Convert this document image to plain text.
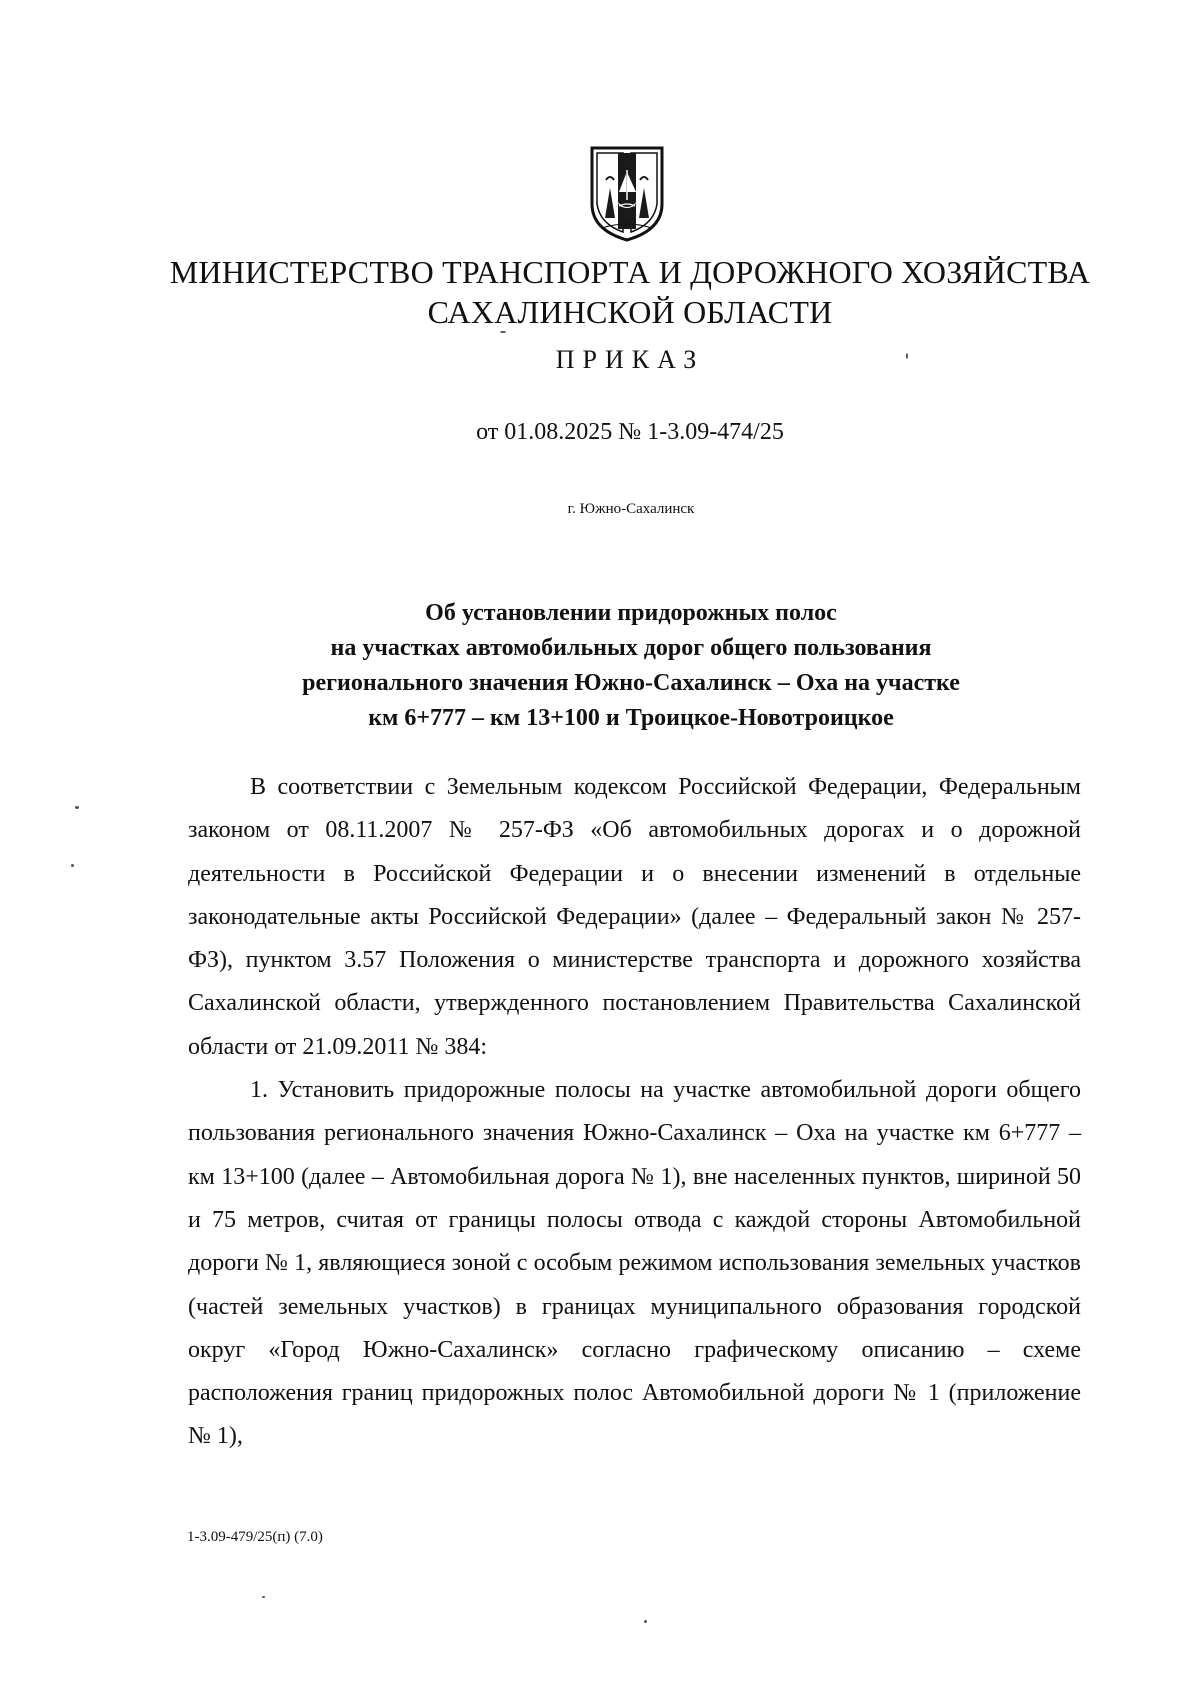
МИНИСТЕРСТВО ТРАНСПОРТА И ДОРОЖНОГО ХОЗЯЙСТВА
САХАЛИНСКОЙ ОБЛАСТИ
ПРИКАЗ
от 01.08.2025 № 1-3.09-474/25
г. Южно-Сахалинск
Об установлении придорожных полос
на участках автомобильных дорог общего пользования
регионального значения Южно-Сахалинск – Оха на участке
км 6+777 – км 13+100 и Троицкое-Новотроицкое

В соответствии с Земельным кодексом Российской Федерации, Федеральным законом от 08.11.2007 № 257-ФЗ «Об автомобильных дорогах и о дорожной деятельности в Российской Федерации и о внесении изменений в отдельные законодательные акты Российской Федерации» (далее – Федеральный закон № 257-ФЗ), пунктом 3.57 Положения о министерстве транспорта и дорожного хозяйства Сахалинской области, утвержденного постановлением Правительства Сахалинской области от 21.09.2011 № 384:

1. Установить придорожные полосы на участке автомобильной дороги общего пользования регионального значения Южно-Сахалинск – Оха на участке км 6+777 – км 13+100 (далее – Автомобильная дорога № 1), вне населенных пунктов, шириной 50 и 75 метров, считая от границы полосы отвода с каждой стороны Автомобильной дороги № 1, являющиеся зоной с особым режимом использования земельных участков (частей земельных участков) в границах муниципального образования городской округ «Город Южно-Сахалинск» согласно графическому описанию – схеме расположения границ придорожных полос Автомобильной дороги № 1 (приложение № 1),

1-3.09-479/25(п) (7.0)
